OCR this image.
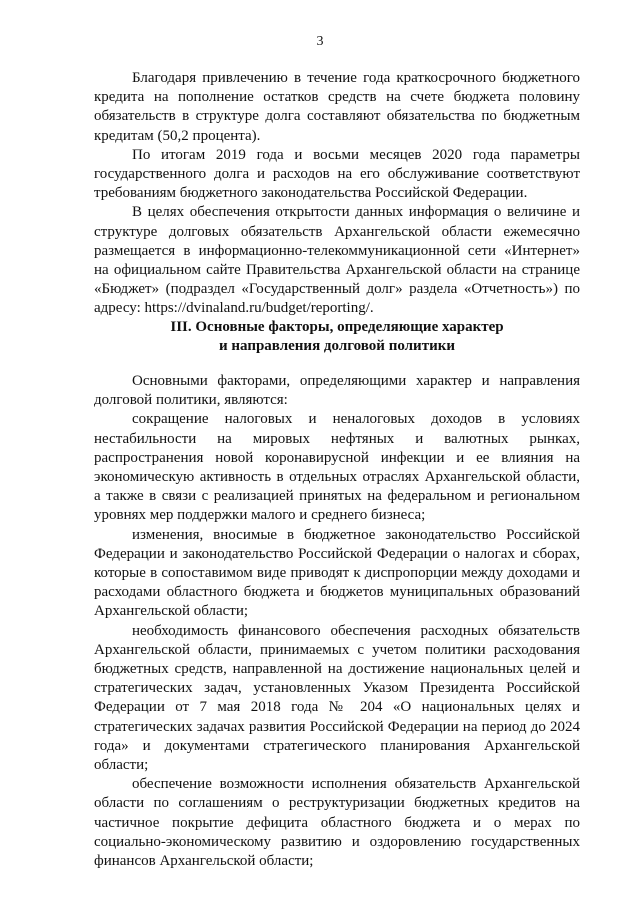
3

Благодаря привлечению в течение года краткосрочного бюджетного кредита на пополнение остатков средств на счете бюджета половину обязательств в структуре долга составляют обязательства по бюджетным кредитам (50,2 процента).

По итогам 2019 года и восьми месяцев 2020 года параметры государственного долга и расходов на его обслуживание соответствуют требованиям бюджетного законодательства Российской Федерации.

В целях обеспечения открытости данных информация о величине и структуре долговых обязательств Архангельской области ежемесячно размещается в информационно-телекоммуникационной сети «Интернет» на официальном сайте Правительства Архангельской области на странице «Бюджет» (подраздел «Государственный долг» раздела «Отчетность») по адресу: https://dvinaland.ru/budget/reporting/.

III. Основные факторы, определяющие характер
и направления долговой политики

Основными факторами, определяющими характер и направления долговой политики, являются:

сокращение налоговых и неналоговых доходов в условиях нестабильности на мировых нефтяных и валютных рынках, распространения новой коронавирусной инфекции и ее влияния на экономическую активность в отдельных отраслях Архангельской области, а также в связи с реализацией принятых на федеральном и региональном уровнях мер поддержки малого и среднего бизнеса;

изменения, вносимые в бюджетное законодательство Российской Федерации и законодательство Российской Федерации о налогах и сборах, которые в сопоставимом виде приводят к диспропорции между доходами и расходами областного бюджета и бюджетов муниципальных образований Архангельской области;

необходимость финансового обеспечения расходных обязательств Архангельской области, принимаемых с учетом политики расходования бюджетных средств, направленной на достижение национальных целей и стратегических задач, установленных Указом Президента Российской Федерации от 7 мая 2018 года № 204 «О национальных целях и стратегических задачах развития Российской Федерации на период до 2024 года» и документами стратегического планирования Архангельской области;

обеспечение возможности исполнения обязательств Архангельской области по соглашениям о реструктуризации бюджетных кредитов на частичное покрытие дефицита областного бюджета и о мерах по социально-экономическому развитию и оздоровлению государственных финансов Архангельской области;
